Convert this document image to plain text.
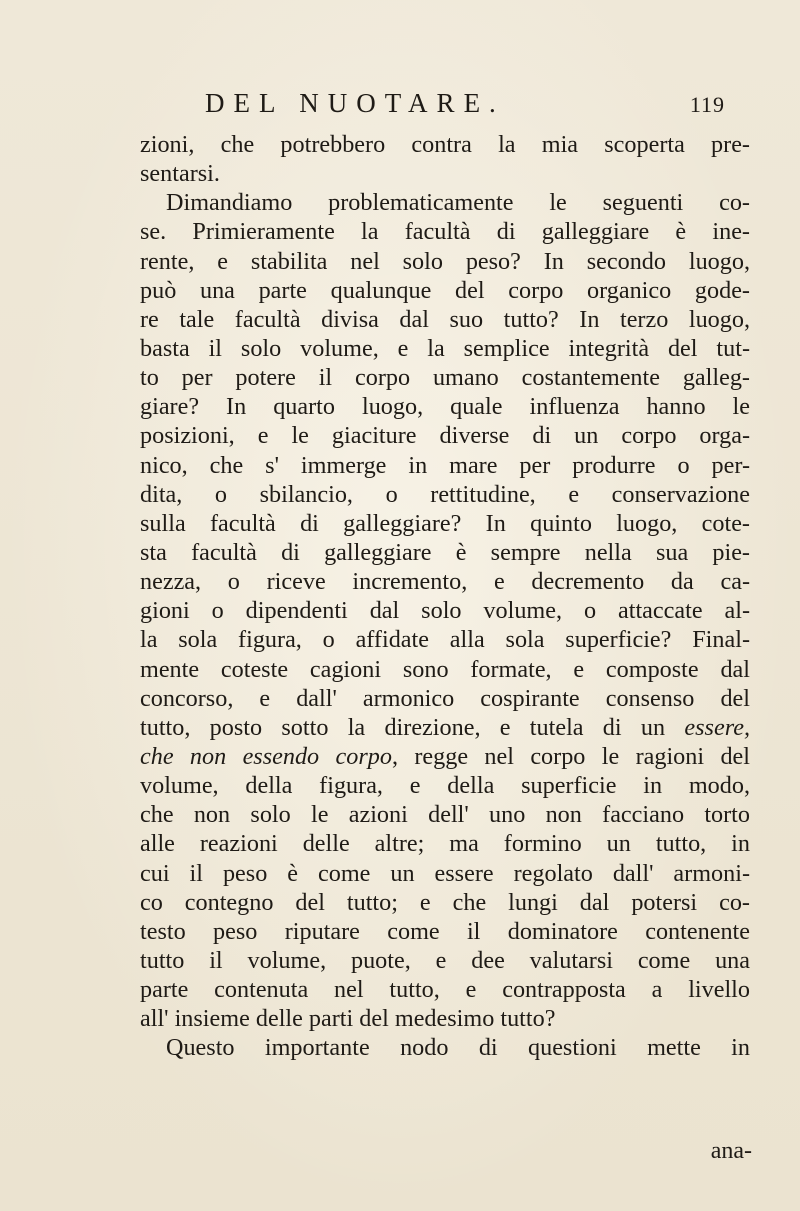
DEL NUOTARE.	119
zioni, che potrebbero contra la mia scoperta pre-
sentarsi.
Dimandiamo problematicamente le seguenti co-
se. Primieramente la facultà di galleggiare è ine-
rente, e stabilita nel solo peso? In secondo luogo,
può una parte qualunque del corpo organico gode-
re tale facultà divisa dal suo tutto? In terzo luogo,
basta il solo volume, e la semplice integrità del tut-
to per potere il corpo umano costantemente galleg-
giare? In quarto luogo, quale influenza hanno le
posizioni, e le giaciture diverse di un corpo orga-
nico, che s' immerge in mare per produrre o per-
dita, o sbilancio, o rettitudine, e conservazione
sulla facultà di galleggiare? In quinto luogo, cote-
sta facultà di galleggiare è sempre nella sua pie-
nezza, o riceve incremento, e decremento da ca-
gioni o dipendenti dal solo volume, o attaccate al-
la sola figura, o affidate alla sola superficie? Final-
mente coteste cagioni sono formate, e composte dal
concorso, e dall' armonico cospirante consenso del
tutto, posto sotto la direzione, e tutela di un essere,
che non essendo corpo, regge nel corpo le ragioni del
volume, della figura, e della superficie in modo,
che non solo le azioni dell' uno non facciano torto
alle reazioni delle altre; ma formino un tutto, in
cui il peso è come un essere regolato dall' armoni-
co contegno del tutto; e che lungi dal potersi co-
testo peso riputare come il dominatore contenente
tutto il volume, puote, e dee valutarsi come una
parte contenuta nel tutto, e contrapposta a livello
all' insieme delle parti del medesimo tutto?
Questo importante nodo di questioni mette in
ana-
